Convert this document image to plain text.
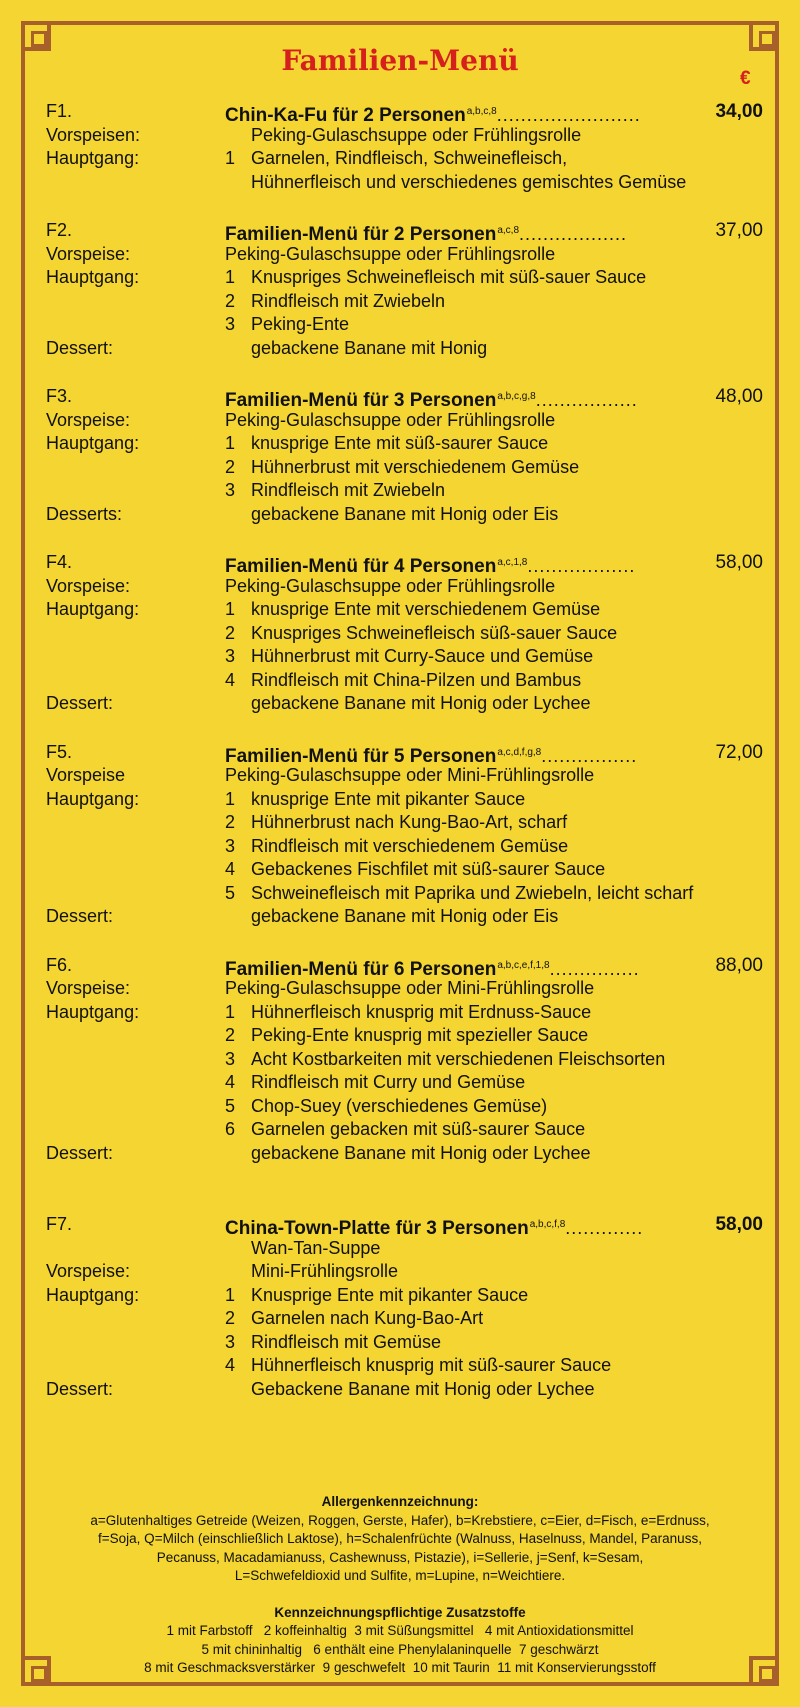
Familien-Menü
€
F1.	Chin-Ka-Fu für 2 Personen$^{a,b,c,8}$........................	34,00
Vorspeisen:	Peking-Gulaschsuppe oder Frühlingsrolle
Hauptgang:	1 Garnelen, Rindfleisch, Schweinefleisch,
Hühnerfleisch und verschiedenes gemischtes Gemüse
F2.	Familien-Menü für 2 Personen$^{a,c,8}$..................	37,00
Vorspeise:	Peking-Gulaschsuppe oder Frühlingsrolle
Hauptgang:	1 Knuspriges Schweinefleisch mit süß-sauer Sauce
2 Rindfleisch mit Zwiebeln
3 Peking-Ente
Dessert:	gebackene Banane mit Honig
F3.	Familien-Menü für 3 Personen$^{a,b,c,g,8}$.................	48,00
Vorspeise:	Peking-Gulaschsuppe oder Frühlingsrolle
Hauptgang:	1 knusprige Ente mit süß-saurer Sauce
2 Hühnerbrust mit verschiedenem Gemüse
3 Rindfleisch mit Zwiebeln
Desserts:	gebackene Banane mit Honig oder Eis
F4.	Familien-Menü für 4 Personen$^{a,c,1,8}$..................	58,00
Vorspeise:	Peking-Gulaschsuppe oder Frühlingsrolle
Hauptgang:	1 knusprige Ente mit verschiedenem Gemüse
2 Knuspriges Schweinefleisch süß-sauer Sauce
3 Hühnerbrust mit Curry-Sauce und Gemüse
4 Rindfleisch mit China-Pilzen und Bambus
Dessert:	gebackene Banane mit Honig oder Lychee
F5.	Familien-Menü für 5 Personen$^{a,c,d,f,g,8}$................	72,00
Vorspeise	Peking-Gulaschsuppe oder Mini-Frühlingsrolle
Hauptgang:	1 knusprige Ente mit pikanter Sauce
2 Hühnerbrust nach Kung-Bao-Art, scharf
3 Rindfleisch mit verschiedenem Gemüse
4 Gebackenes Fischfilet mit süß-saurer Sauce
5 Schweinefleisch mit Paprika und Zwiebeln, leicht scharf
Dessert:	gebackene Banane mit Honig oder Eis
F6.	Familien-Menü für 6 Personen$^{a,b,c,e,f,1,8}$...............	88,00
Vorspeise:	Peking-Gulaschsuppe oder Mini-Frühlingsrolle
Hauptgang:	1 Hühnerfleisch knusprig mit Erdnuss-Sauce
2 Peking-Ente knusprig mit spezieller Sauce
3 Acht Kostbarkeiten mit verschiedenen Fleischsorten
4 Rindfleisch mit Curry und Gemüse
5 Chop-Suey (verschiedenes Gemüse)
6 Garnelen gebacken mit süß-saurer Sauce
Dessert:	gebackene Banane mit Honig oder Lychee
F7.	China-Town-Platte für 3 Personen$^{a,b,c,f,8}$.............	58,00
Wan-Tan-Suppe
Vorspeise:	Mini-Frühlingsrolle
Hauptgang:	1 Knusprige Ente mit pikanter Sauce
2 Garnelen nach Kung-Bao-Art
3 Rindfleisch mit Gemüse
4 Hühnerfleisch knusprig mit süß-saurer Sauce
Dessert:	Gebackene Banane mit Honig oder Lychee
Allergenkennzeichnung:
a=Glutenhaltiges Getreide (Weizen, Roggen, Gerste, Hafer), b=Krebstiere, c=Eier, d=Fisch, e=Erdnuss,
f=Soja, Q=Milch (einschließlich Laktose), h=Schalenfrüchte (Walnuss, Haselnuss, Mandel, Paranuss,
Pecanuss, Macadamianuss, Cashewnuss, Pistazie), i=Sellerie, j=Senf, k=Sesam,
L=Schwefeldioxid und Sulfite, m=Lupine, n=Weichtiere.
Kennzeichnungspflichtige Zusatzstoffe
1 mit Farbstoff   2 koffeinhaltig  3 mit Süßungsmittel   4 mit Antioxidationsmittel
5 mit chininhaltig   6 enthält eine Phenylalaninquelle  7 geschwärzt
8 mit Geschmacksverstärker  9 geschwefelt  10 mit Taurin  11 mit Konservierungsstoff
